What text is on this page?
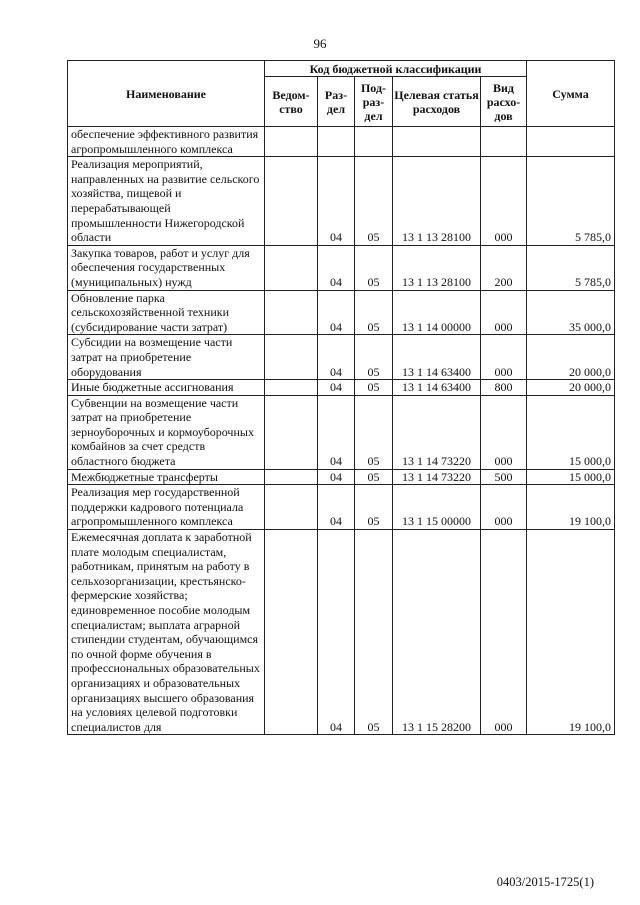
96
Наименование	Код бюджетной классификации					Сумма
	Ведом-ство	Раз-дел	Под-раз-дел	Целевая статья расходов	Вид расхо-дов	
обеспечение эффективного развития агропромышленного комплекса						
Реализация мероприятий, направленных на развитие сельского хозяйства, пищевой и перерабатывающей промышленности Нижегородской области		04	05	13 1 13 28100	000	5 785,0
Закупка товаров, работ и услуг для обеспечения государственных (муниципальных) нужд		04	05	13 1 13 28100	200	5 785,0
Обновление парка сельскохозяйственной техники (субсидирование части затрат)		04	05	13 1 14 00000	000	35 000,0
Субсидии на возмещение части затрат на приобретение оборудования		04	05	13 1 14 63400	000	20 000,0
Иные бюджетные ассигнования		04	05	13 1 14 63400	800	20 000,0
Субвенции на возмещение части затрат на приобретение зерноуборочных и кормоуборочных комбайнов за счет средств областного бюджета		04	05	13 1 14 73220	000	15 000,0
Межбюджетные трансферты		04	05	13 1 14 73220	500	15 000,0
Реализация мер государственной поддержки кадрового потенциала агропромышленного комплекса		04	05	13 1 15 00000	000	19 100,0
Ежемесячная доплата к заработной плате молодым специалистам, работникам, принятым на работу в сельхозорганизации, крестьянско-фермерские хозяйства; единовременное пособие молодым специалистам; выплата аграрной стипендии студентам, обучающимся по очной форме обучения в профессиональных образовательных организациях и образовательных организациях высшего образования на условиях целевой подготовки специалистов для		04	05	13 1 15 28200	000	19 100,0
0403/2015-1725(1)
